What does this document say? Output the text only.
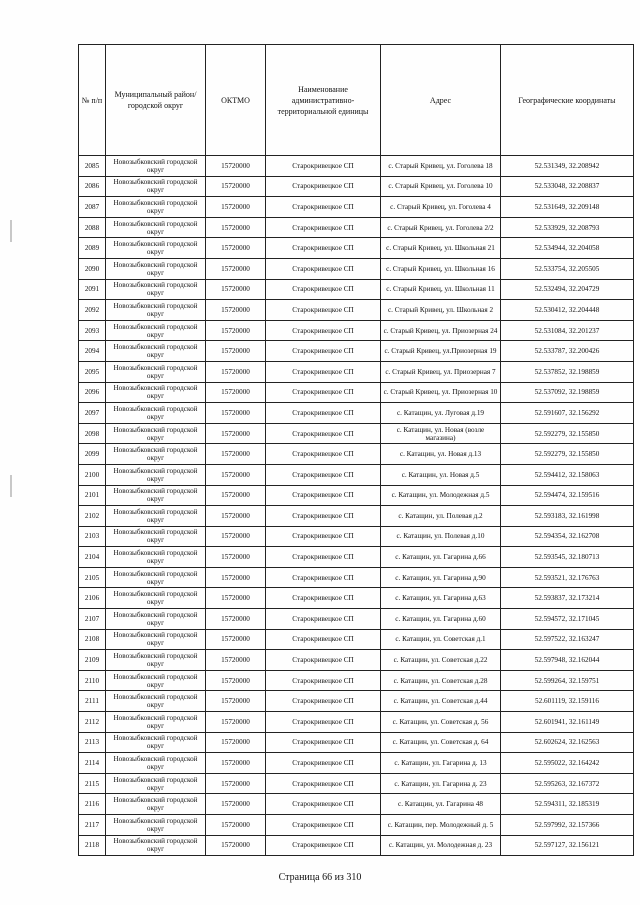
№ п/п	Муниципальный район/городской округ	ОКТМО	Наименование административно-территориальной единицы	Адрес	Географические координаты
2085	Новозыбковский городской округ	15720000	Старокривецкое СП	с. Старый Кривец, ул. Гоголева 18	52.531349, 32.208942
2086	Новозыбковский городской округ	15720000	Старокривецкое СП	с. Старый Кривец, ул. Гоголева 10	52.533048, 32.208837
2087	Новозыбковский городской округ	15720000	Старокривецкое СП	с. Старый Кривец, ул. Гоголева 4	52.531649, 32.209148
2088	Новозыбковский городской округ	15720000	Старокривецкое СП	с. Старый Кривец, ул. Гоголева 2/2	52.533929, 32.208793
2089	Новозыбковский городской округ	15720000	Старокривецкое СП	с. Старый Кривец, ул. Школьная 21	52.534944, 32.204058
2090	Новозыбковский городской округ	15720000	Старокривецкое СП	с. Старый Кривец, ул. Школьная 16	52.533754, 32.205505
2091	Новозыбковский городской округ	15720000	Старокривецкое СП	с. Старый Кривец, ул. Школьная 11	52.532494, 32.204729
2092	Новозыбковский городской округ	15720000	Старокривецкое СП	с. Старый Кривец, ул. Школьная 2	52.530412, 32.204448
2093	Новозыбковский городской округ	15720000	Старокривецкое СП	с. Старый Кривец, ул. Приозерная 24	52.531084, 32.201237
2094	Новозыбковский городской округ	15720000	Старокривецкое СП	с. Старый Кривец, ул.Приозерная 19	52.533787, 32.200426
2095	Новозыбковский городской округ	15720000	Старокривецкое СП	с. Старый Кривец, ул. Приозерная 7	52.537852, 32.198859
2096	Новозыбковский городской округ	15720000	Старокривецкое СП	с. Старый Кривец, ул. Приозерная 10	52.537092, 32.198859
2097	Новозыбковский городской округ	15720000	Старокривецкое СП	с. Катащин, ул. Луговая д.19	52.591607, 32.156292
2098	Новозыбковский городской округ	15720000	Старокривецкое СП	с. Катащин, ул. Новая (возле магазина)	52.592279, 32.155850
2099	Новозыбковский городской округ	15720000	Старокривецкое СП	с. Катащин, ул. Новая д.13	52.592279, 32.155850
2100	Новозыбковский городской округ	15720000	Старокривецкое СП	с. Катащин, ул. Новая д.5	52.594412, 32.158063
2101	Новозыбковский городской округ	15720000	Старокривецкое СП	с. Катащин, ул. Молодежная д.5	52.594474, 32.159516
2102	Новозыбковский городской округ	15720000	Старокривецкое СП	с. Катащин, ул. Полевая д.2	52.593183, 32.161998
2103	Новозыбковский городской округ	15720000	Старокривецкое СП	с. Катащин, ул. Полевая д.10	52.594354, 32.162708
2104	Новозыбковский городской округ	15720000	Старокривецкое СП	с. Катащин, ул. Гагарина д.66	52.593545, 32.180713
2105	Новозыбковский городской округ	15720000	Старокривецкое СП	с. Катащин, ул. Гагарина д.90	52.593521, 32.176763
2106	Новозыбковский городской округ	15720000	Старокривецкое СП	с. Катащин, ул. Гагарина д.63	52.593837, 32.173214
2107	Новозыбковский городской округ	15720000	Старокривецкое СП	с. Катащин, ул. Гагарина д.60	52.594572, 32.171045
2108	Новозыбковский городской округ	15720000	Старокривецкое СП	с. Катащин, ул. Советская д.1	52.597522, 32.163247
2109	Новозыбковский городской округ	15720000	Старокривецкое СП	с. Катащин, ул. Советская д.22	52.597948, 32.162044
2110	Новозыбковский городской округ	15720000	Старокривецкое СП	с. Катащин, ул. Советская д.28	52.599264, 32.159751
2111	Новозыбковский городской округ	15720000	Старокривецкое СП	с. Катащин, ул. Советская д.44	52.601119, 32.159116
2112	Новозыбковский городской округ	15720000	Старокривецкое СП	с. Катащин, ул. Советская д. 56	52.601941, 32.161149
2113	Новозыбковский городской округ	15720000	Старокривецкое СП	с. Катащин, ул. Советская д. 64	52.602624, 32.162563
2114	Новозыбковский городской округ	15720000	Старокривецкое СП	с. Катащин, ул. Гагарина д. 13	52.595022, 32.164242
2115	Новозыбковский городской округ	15720000	Старокривецкое СП	с. Катащин, ул. Гагарина д. 23	52.595263, 32.167372
2116	Новозыбковский городской округ	15720000	Старокривецкое СП	с. Катащин, ул. Гагарина 48	52.594311, 32.185319
2117	Новозыбковский городской округ	15720000	Старокривецкое СП	с. Катащин, пер. Молодежный д. 5	52.597992, 32.157366
2118	Новозыбковский городской округ	15720000	Старокривецкое СП	с. Катащин, ул. Молодежная д. 23	52.597127, 32.156121
Страница 66 из 310
